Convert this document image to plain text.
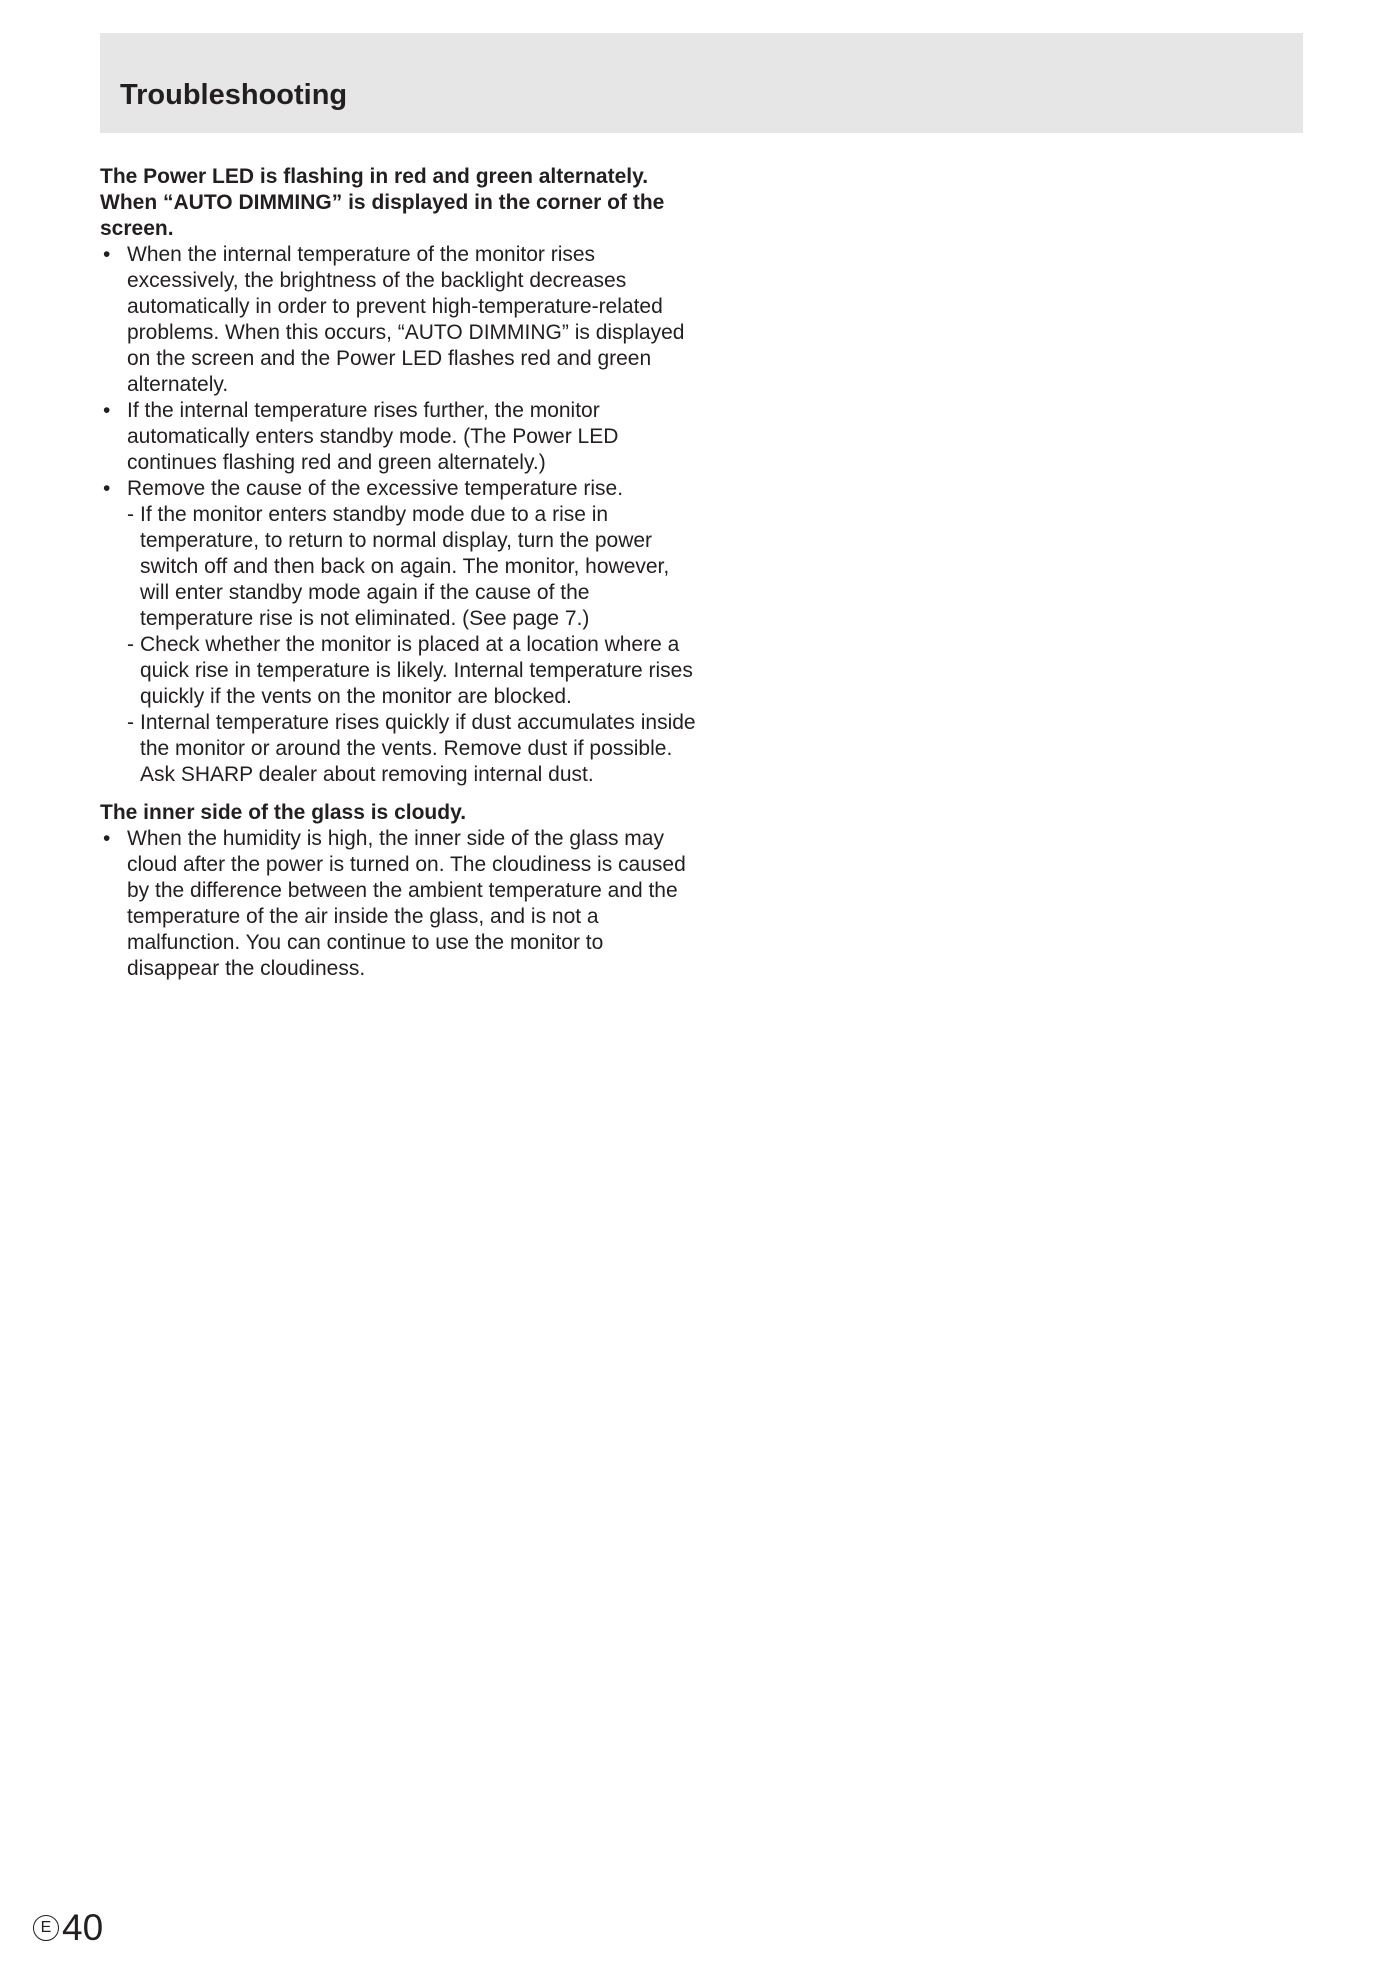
Troubleshooting

The Power LED is flashing in red and green alternately. When “AUTO DIMMING” is displayed in the corner of the screen.

• When the internal temperature of the monitor rises excessively, the brightness of the backlight decreases automatically in order to prevent high-temperature-related problems. When this occurs, “AUTO DIMMING” is displayed on the screen and the Power LED flashes red and green alternately.
• If the internal temperature rises further, the monitor automatically enters standby mode. (The Power LED continues flashing red and green alternately.)
• Remove the cause of the excessive temperature rise.
- If the monitor enters standby mode due to a rise in temperature, to return to normal display, turn the power switch off and then back on again. The monitor, however, will enter standby mode again if the cause of the temperature rise is not eliminated. (See page 7.)
- Check whether the monitor is placed at a location where a quick rise in temperature is likely. Internal temperature rises quickly if the vents on the monitor are blocked.
- Internal temperature rises quickly if dust accumulates inside the monitor or around the vents. Remove dust if possible. Ask SHARP dealer about removing internal dust.

The inner side of the glass is cloudy.

• When the humidity is high, the inner side of the glass may cloud after the power is turned on. The cloudiness is caused by the difference between the ambient temperature and the temperature of the air inside the glass, and is not a malfunction. You can continue to use the monitor to disappear the cloudiness.
E 40
